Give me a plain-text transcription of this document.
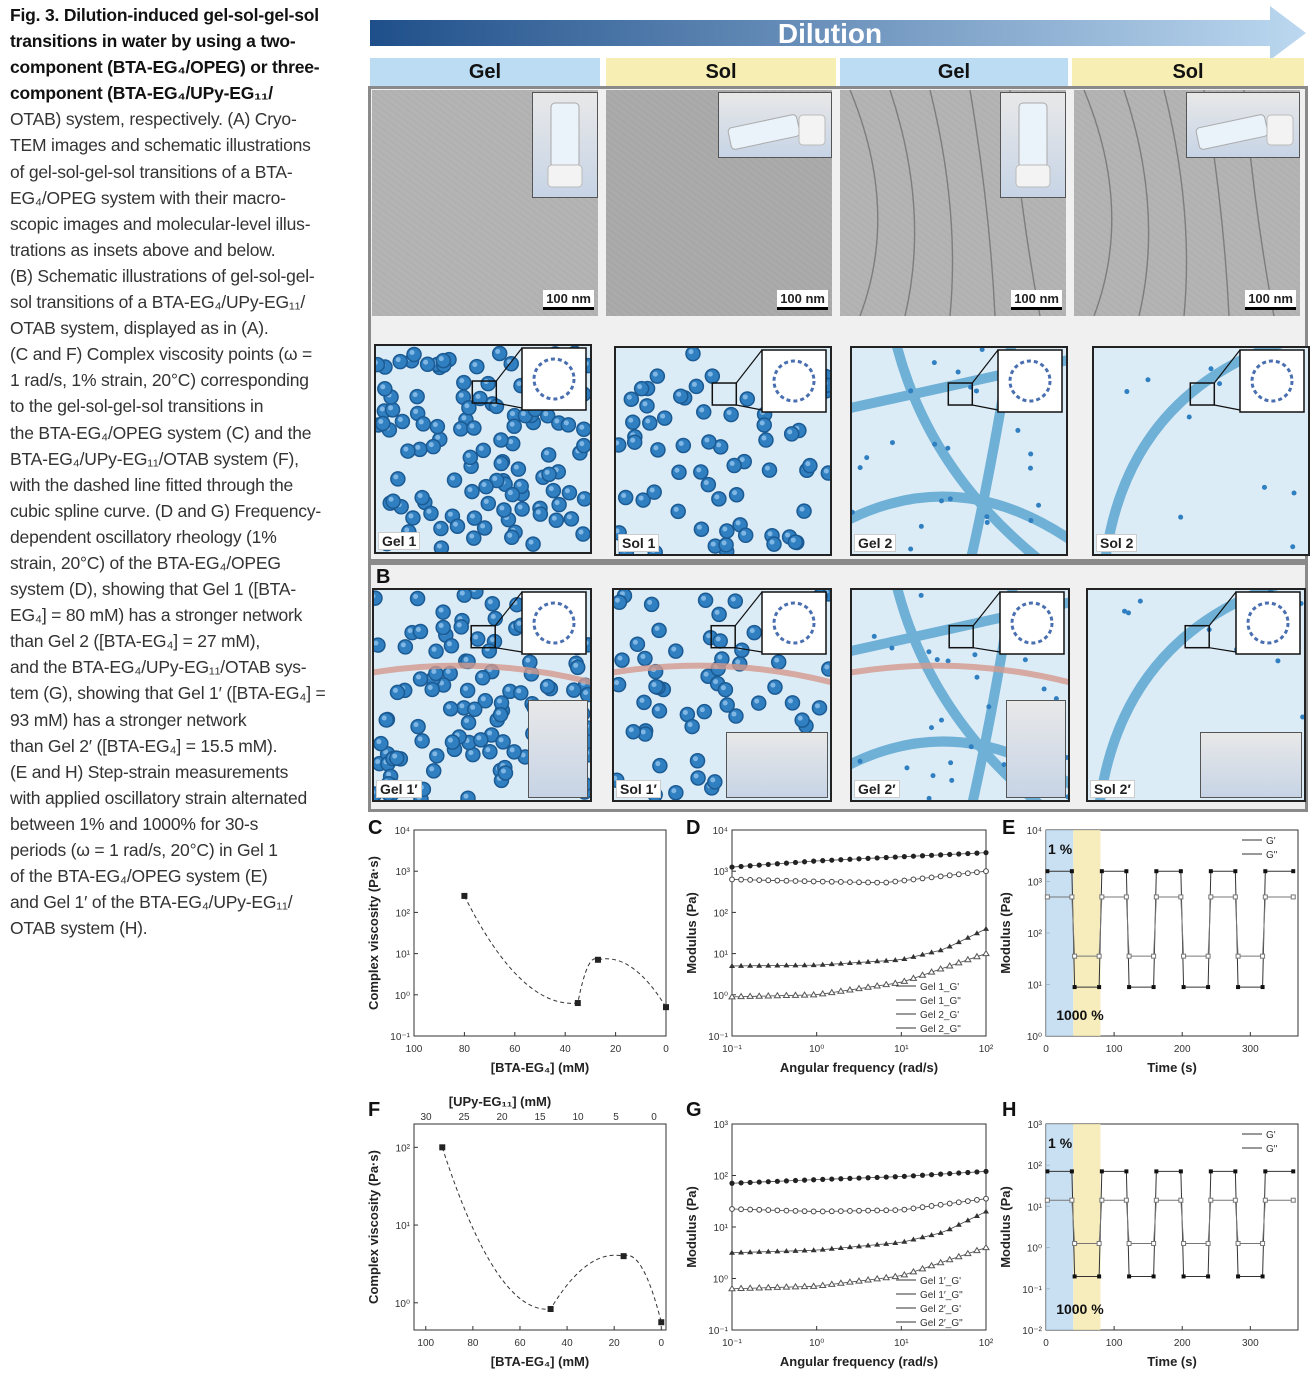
Fig. 3. Dilution-induced gel-sol-gel-sol

transitions in water by using a two-

component (BTA-EG₄/OPEG) or three-

component (BTA-EG₄/UPy-EG₁₁/

OTAB) system, respectively. (A) Cryo-

TEM images and schematic illustrations

of gel-sol-gel-sol transitions of a BTA-

EG₄/OPEG system with their macro-

scopic images and molecular-level illus-

trations as insets above and below.

(B) Schematic illustrations of gel-sol-gel-

sol transitions of a BTA-EG₄/UPy-EG₁₁/

OTAB system, displayed as in (A).

(C and F) Complex viscosity points (ω =

1 rad/s, 1% strain, 20°C) corresponding

to the gel-sol-gel-sol transitions in

the BTA-EG₄/OPEG system (C) and the

BTA-EG₄/UPy-EG₁₁/OTAB system (F),

with the dashed line fitted through the

cubic spline curve. (D and G) Frequency-

dependent oscillatory rheology (1%

strain, 20°C) of the BTA-EG₄/OPEG

system (D), showing that Gel 1 ([BTA-

EG₄] = 80 mM) has a stronger network

than Gel 2 ([BTA-EG₄] = 27 mM),

and the BTA-EG₄/UPy-EG₁₁/OTAB sys-

tem (G), showing that Gel 1′ ([BTA-EG₄] =

93 mM) has a stronger network

than Gel 2′ ([BTA-EG₄] = 15.5 mM).

(E and H) Step-strain measurements

with applied oscillatory strain alternated

between 1% and 1000% for 30-s

periods (ω = 1 rad/s, 20°C) in Gel 1

of the BTA-EG₄/OPEG system (E)

and Gel 1′ of the BTA-EG₄/UPy-EG₁₁/

OTAB system (H).

Dilution
Gel	Sol	Gel	Sol
100 nm	100 nm	100 nm	100 nm
Gel 1	Sol 1	Gel 2	Sol 2
B
Gel 1′	Sol 1′	Gel 2′	Sol 2′
C
10⁻¹
10⁰
10¹
10²
10³
10⁴
100	80	60	40	20	0
[BTA-EG₄] (mM)
Complex viscosity (Pa·s)
D
10⁻¹
10⁰
10¹
10²
10³
10⁴
10⁻¹	10⁰	10¹	10²
Angular frequency (rad/s)
Modulus (Pa)
Gel 1_G'
Gel 1_G"
Gel 2_G'
Gel 2_G"
E
10⁰
10¹
10²
10³
10⁴
0	100	200	300
Time (s)
Modulus (Pa)
1 %
1000 %
G'
G"
F
10⁰
10¹
10²
100	80	60	40	20	0
30	25	20	15	10	5	0
[UPy-EG₁₁] (mM)
[BTA-EG₄] (mM)
Complex viscosity (Pa·s)
G
10⁻¹
10⁰
10¹
10²
10³
10⁻¹	10⁰	10¹	10²
Angular frequency (rad/s)
Modulus (Pa)
Gel 1′_G'
Gel 1′_G"
Gel 2′_G'
Gel 2′_G"
H
10⁻²
10⁻¹
10⁰
10¹
10²
10³
0	100	200	300
Time (s)
Modulus (Pa)
1 %
1000 %
G'
G"
